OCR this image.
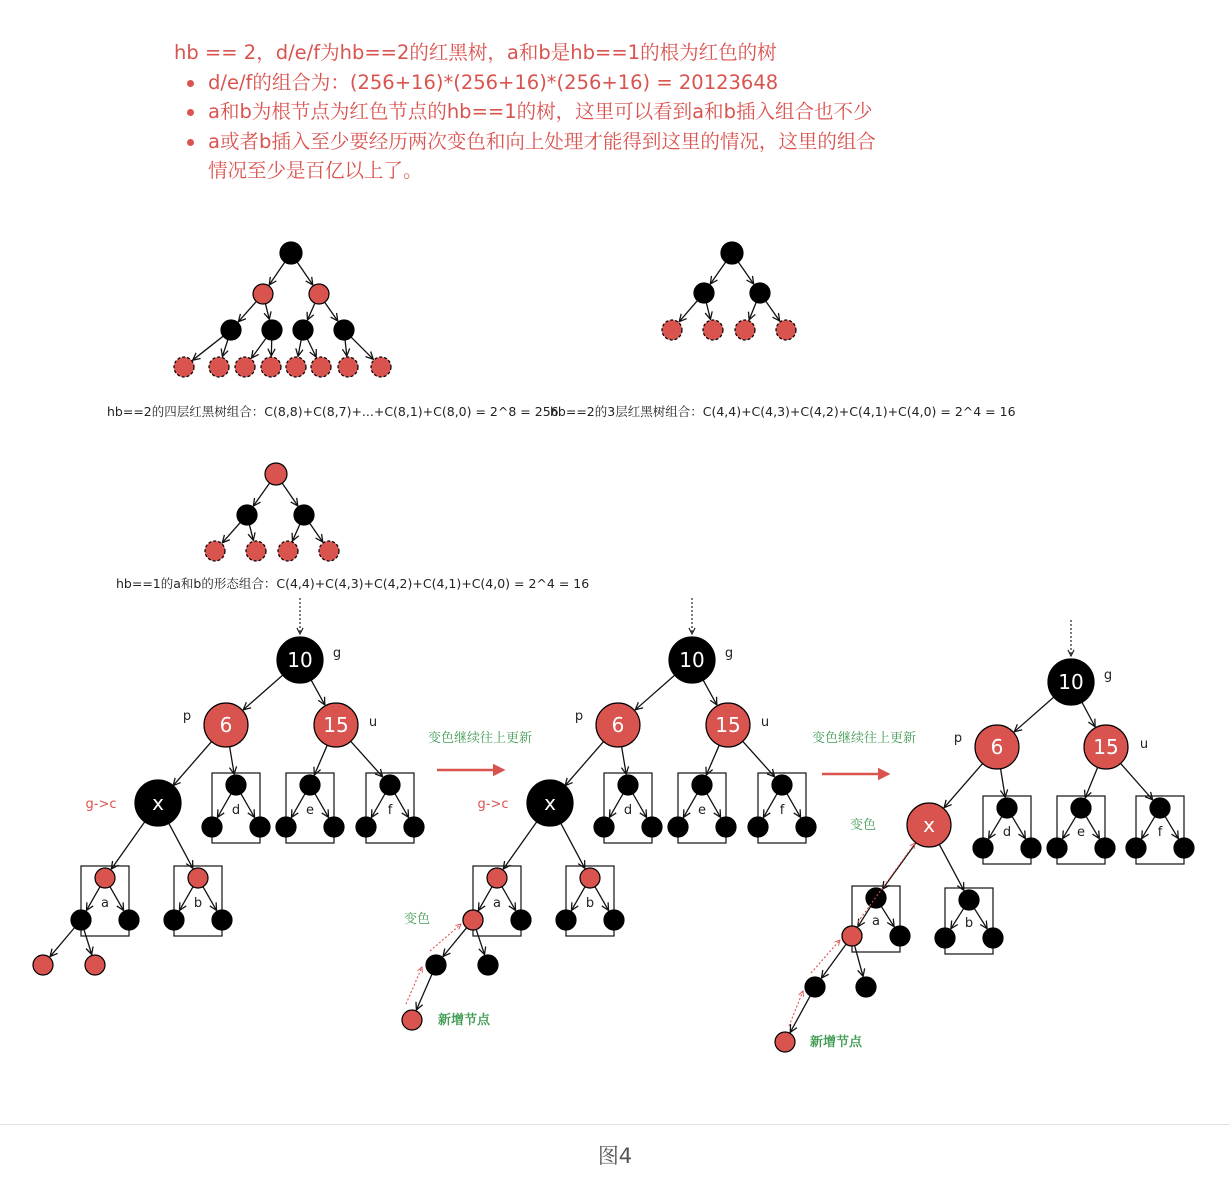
hb == 2，d/e/f为hb==2的红黑树，a和b是hb==1的根为红色的树
d/e/f的组合为：(256+16)*(256+16)*(256+16) = 20123648
a和b为根节点为红色节点的hb==1的树，这里可以看到a和b插入组合也不少
a或者b插入至少要经历两次变色和向上处理才能得到这里的情况，这里的组合
情况至少是百亿以上了。
d	e	f
a	b
10
6	15
x
g
p	u
g->c	d	e	f
a	b
10
6	15
x
g
p	u
g->c
新增节点
变色
d	e	f
a	b
10
6	15
x
g
p	u
变色
新增节点
变色继续往上更新	变色继续往上更新
hb==2的四层红黑树组合：C(8,8)+C(8,7)+...+C(8,1)+C(8,0) = 2^8 = 256
hb==2的3层红黑树组合：C(4,4)+C(4,3)+C(4,2)+C(4,1)+C(4,0) = 2^4 = 16
hb==1的a和b的形态组合：C(4,4)+C(4,3)+C(4,2)+C(4,1)+C(4,0) = 2^4 = 16
图4
